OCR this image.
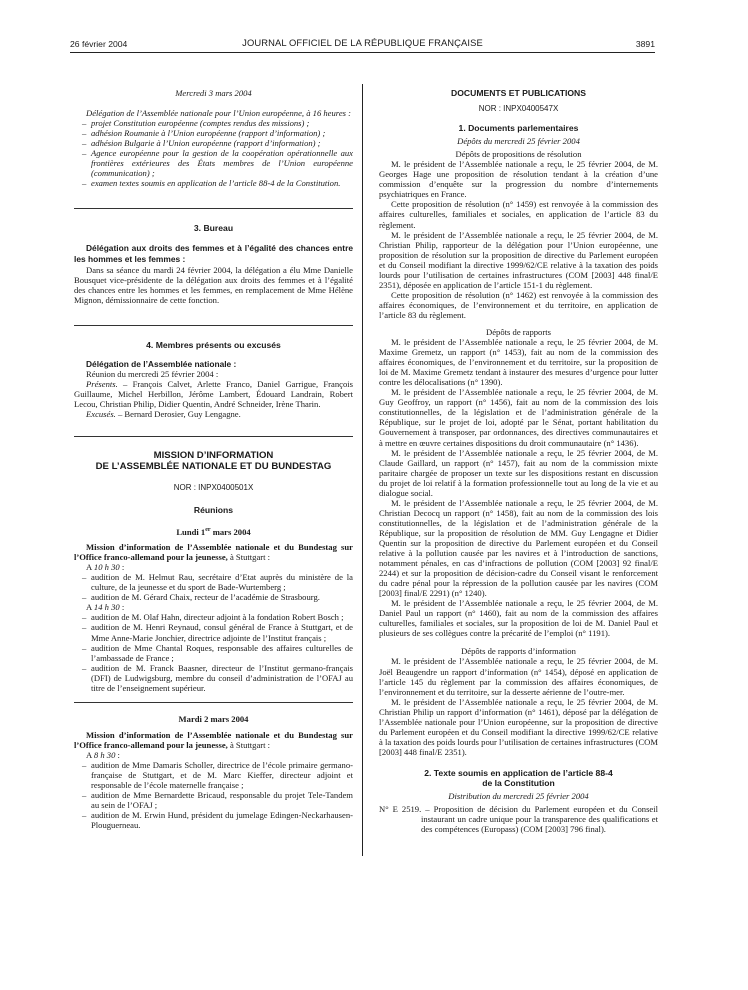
26 février 2004	JOURNAL OFFICIEL DE LA RÉPUBLIQUE FRANÇAISE	3891

Mercredi 3 mars 2004

Délégation de l’Assemblée nationale pour l’Union européenne, à 16 heures :

– projet Constitution européenne (comptes rendus des missions) ;
– adhésion Roumanie à l’Union européenne (rapport d’information) ;
– adhésion Bulgarie à l’Union européenne (rapport d’information) ;
– Agence européenne pour la gestion de la coopération opérationnelle aux frontières extérieures des États membres de l’Union européenne (communication) ;
– examen textes soumis en application de l’article 88-4 de la Constitution.

3. Bureau

Délégation aux droits des femmes et à l’égalité des chances entre les hommes et les femmes :

Dans sa séance du mardi 24 février 2004, la délégation a élu Mme Danielle Bousquet vice-présidente de la délégation aux droits des femmes et à l’égalité des chances entre les hommes et les femmes, en remplacement de Mme Hélène Mignon, démissionnaire de cette fonction.

4. Membres présents ou excusés

Délégation de l’Assemblée nationale :

Réunion du mercredi 25 février 2004 :

Présents. – François Calvet, Arlette Franco, Daniel Garrigue, François Guillaume, Michel Herbillon, Jérôme Lambert, Édouard Landrain, Robert Lecou, Christian Philip, Didier Quentin, André Schneider, Irène Tharin.

Excusés. – Bernard Derosier, Guy Lengagne.

MISSION D’INFORMATION

DE L’ASSEMBLÉE NATIONALE ET DU BUNDESTAG

NOR : INPX0400501X

Réunions

Lundi 1er mars 2004

Mission d’information de l’Assemblée nationale et du Bundestag sur l’Office franco-allemand pour la jeunesse, à Stuttgart :

A 10 h 30 :

– audition de M. Helmut Rau, secrétaire d’Etat auprès du ministère de la culture, de la jeunesse et du sport de Bade-Wurtemberg ;
– audition de M. Gérard Chaix, recteur de l’académie de Strasbourg.

A 14 h 30 :

– audition de M. Olaf Hahn, directeur adjoint à la fondation Robert Bosch ;
– audition de M. Henri Reynaud, consul général de France à Stuttgart, et de Mme Anne-Marie Jonchier, directrice adjointe de l’Institut français ;
– audition de Mme Chantal Roques, responsable des affaires culturelles de l’ambassade de France ;
– audition de M. Franck Baasner, directeur de l’Institut germano-français (DFI) de Ludwigsburg, membre du conseil d’administration de l’OFAJ au titre de l’enseignement supérieur.

Mardi 2 mars 2004

Mission d’information de l’Assemblée nationale et du Bundestag sur l’Office franco-allemand pour la jeunesse, à Stuttgart :

A 8 h 30 :

– audition de Mme Damaris Scholler, directrice de l’école primaire germano-française de Stuttgart, et de M. Marc Kieffer, directeur adjoint et responsable de l’école maternelle française ;
– audition de Mme Bernardette Bricaud, responsable du projet Tele-Tandem au sein de l’OFAJ ;
– audition de M. Erwin Hund, président du jumelage Edingen-Neckarhausen-Plouguerneau.

DOCUMENTS ET PUBLICATIONS

NOR : INPX0400547X

1. Documents parlementaires

Dépôts du mercredi 25 février 2004

Dépôts de propositions de résolution

M. le président de l’Assemblée nationale a reçu, le 25 février 2004, de M. Georges Hage une proposition de résolution tendant à la création d’une commission d’enquête sur la progression du nombre d’internements psychiatriques en France.

Cette proposition de résolution (n° 1459) est renvoyée à la commission des affaires culturelles, familiales et sociales, en application de l’article 83 du règlement.

M. le président de l’Assemblée nationale a reçu, le 25 février 2004, de M. Christian Philip, rapporteur de la délégation pour l’Union européenne, une proposition de résolution sur la proposition de directive du Parlement européen et du Conseil modifiant la directive 1999/62/CE relative à la taxation des poids lourds pour l’utilisation de certaines infrastructures (COM [2003] 448 final/E 2351), déposée en application de l’article 151-1 du règlement.

Cette proposition de résolution (n° 1462) est renvoyée à la commission des affaires économiques, de l’environnement et du territoire, en application de l’article 83 du règlement.

Dépôts de rapports

M. le président de l’Assemblée nationale a reçu, le 25 février 2004, de M. Maxime Gremetz, un rapport (n° 1453), fait au nom de la commission des affaires économiques, de l’environnement et du territoire, sur la proposition de loi de M. Maxime Gremetz tendant à instaurer des mesures d’urgence pour lutter contre les délocalisations (n° 1390).

M. le président de l’Assemblée nationale a reçu, le 25 février 2004, de M. Guy Geoffroy, un rapport (n° 1456), fait au nom de la commission des lois constitutionnelles, de la législation et de l’administration générale de la République, sur le projet de loi, adopté par le Sénat, portant habilitation du Gouvernement à transposer, par ordonnances, des directives communautaires et à mettre en œuvre certaines dispositions du droit communautaire (n° 1436).

M. le président de l’Assemblée nationale a reçu, le 25 février 2004, de M. Claude Gaillard, un rapport (n° 1457), fait au nom de la commission mixte paritaire chargée de proposer un texte sur les dispositions restant en discussion du projet de loi relatif à la formation professionnelle tout au long de la vie et au dialogue social.

M. le président de l’Assemblée nationale a reçu, le 25 février 2004, de M. Christian Decocq un rapport (n° 1458), fait au nom de la commission des lois constitutionnelles, de la législation et de l’administration générale de la République, sur la proposition de résolution de MM. Guy Lengagne et Didier Quentin sur la proposition de directive du Parlement européen et du Conseil relative à la pollution causée par les navires et à l’introduction de sanctions, notamment pénales, en cas d’infractions de pollution (COM [2003] 92 final/E 2244) et sur la proposition de décision-cadre du Conseil visant le renforcement du cadre pénal pour la répression de la pollution causée par les navires (COM [2003] final/E 2291) (n° 1240).

M. le président de l’Assemblée nationale a reçu, le 25 février 2004, de M. Daniel Paul un rapport (n° 1460), fait au nom de la commission des affaires culturelles, familiales et sociales, sur la proposition de loi de M. Daniel Paul et plusieurs de ses collègues contre la précarité de l’emploi (n° 1191).

Dépôts de rapports d’information

M. le président de l’Assemblée nationale a reçu, le 25 février 2004, de M. Joël Beaugendre un rapport d’information (n° 1454), déposé en application de l’article 145 du règlement par la commission des affaires économiques, de l’environnement et du territoire, sur la desserte aérienne de l’outre-mer.

M. le président de l’Assemblée nationale a reçu, le 25 février 2004, de M. Christian Philip un rapport d’information (n° 1461), déposé par la délégation de l’Assemblée nationale pour l’Union européenne, sur la proposition de directive du Parlement européen et du Conseil modifiant la directive 1999/62/CE relative à la taxation des poids lourds pour l’utilisation de certaines infrastructures (COM [2003] 448 final/E 2351).

2. Texte soumis en application de l’article 88-4

de la Constitution

Distribution du mercredi 25 février 2004

N° E 2519. – Proposition de décision du Parlement européen et du Conseil instaurant un cadre unique pour la transparence des qualifications et des compétences (Europass) (COM [2003] 796 final).
